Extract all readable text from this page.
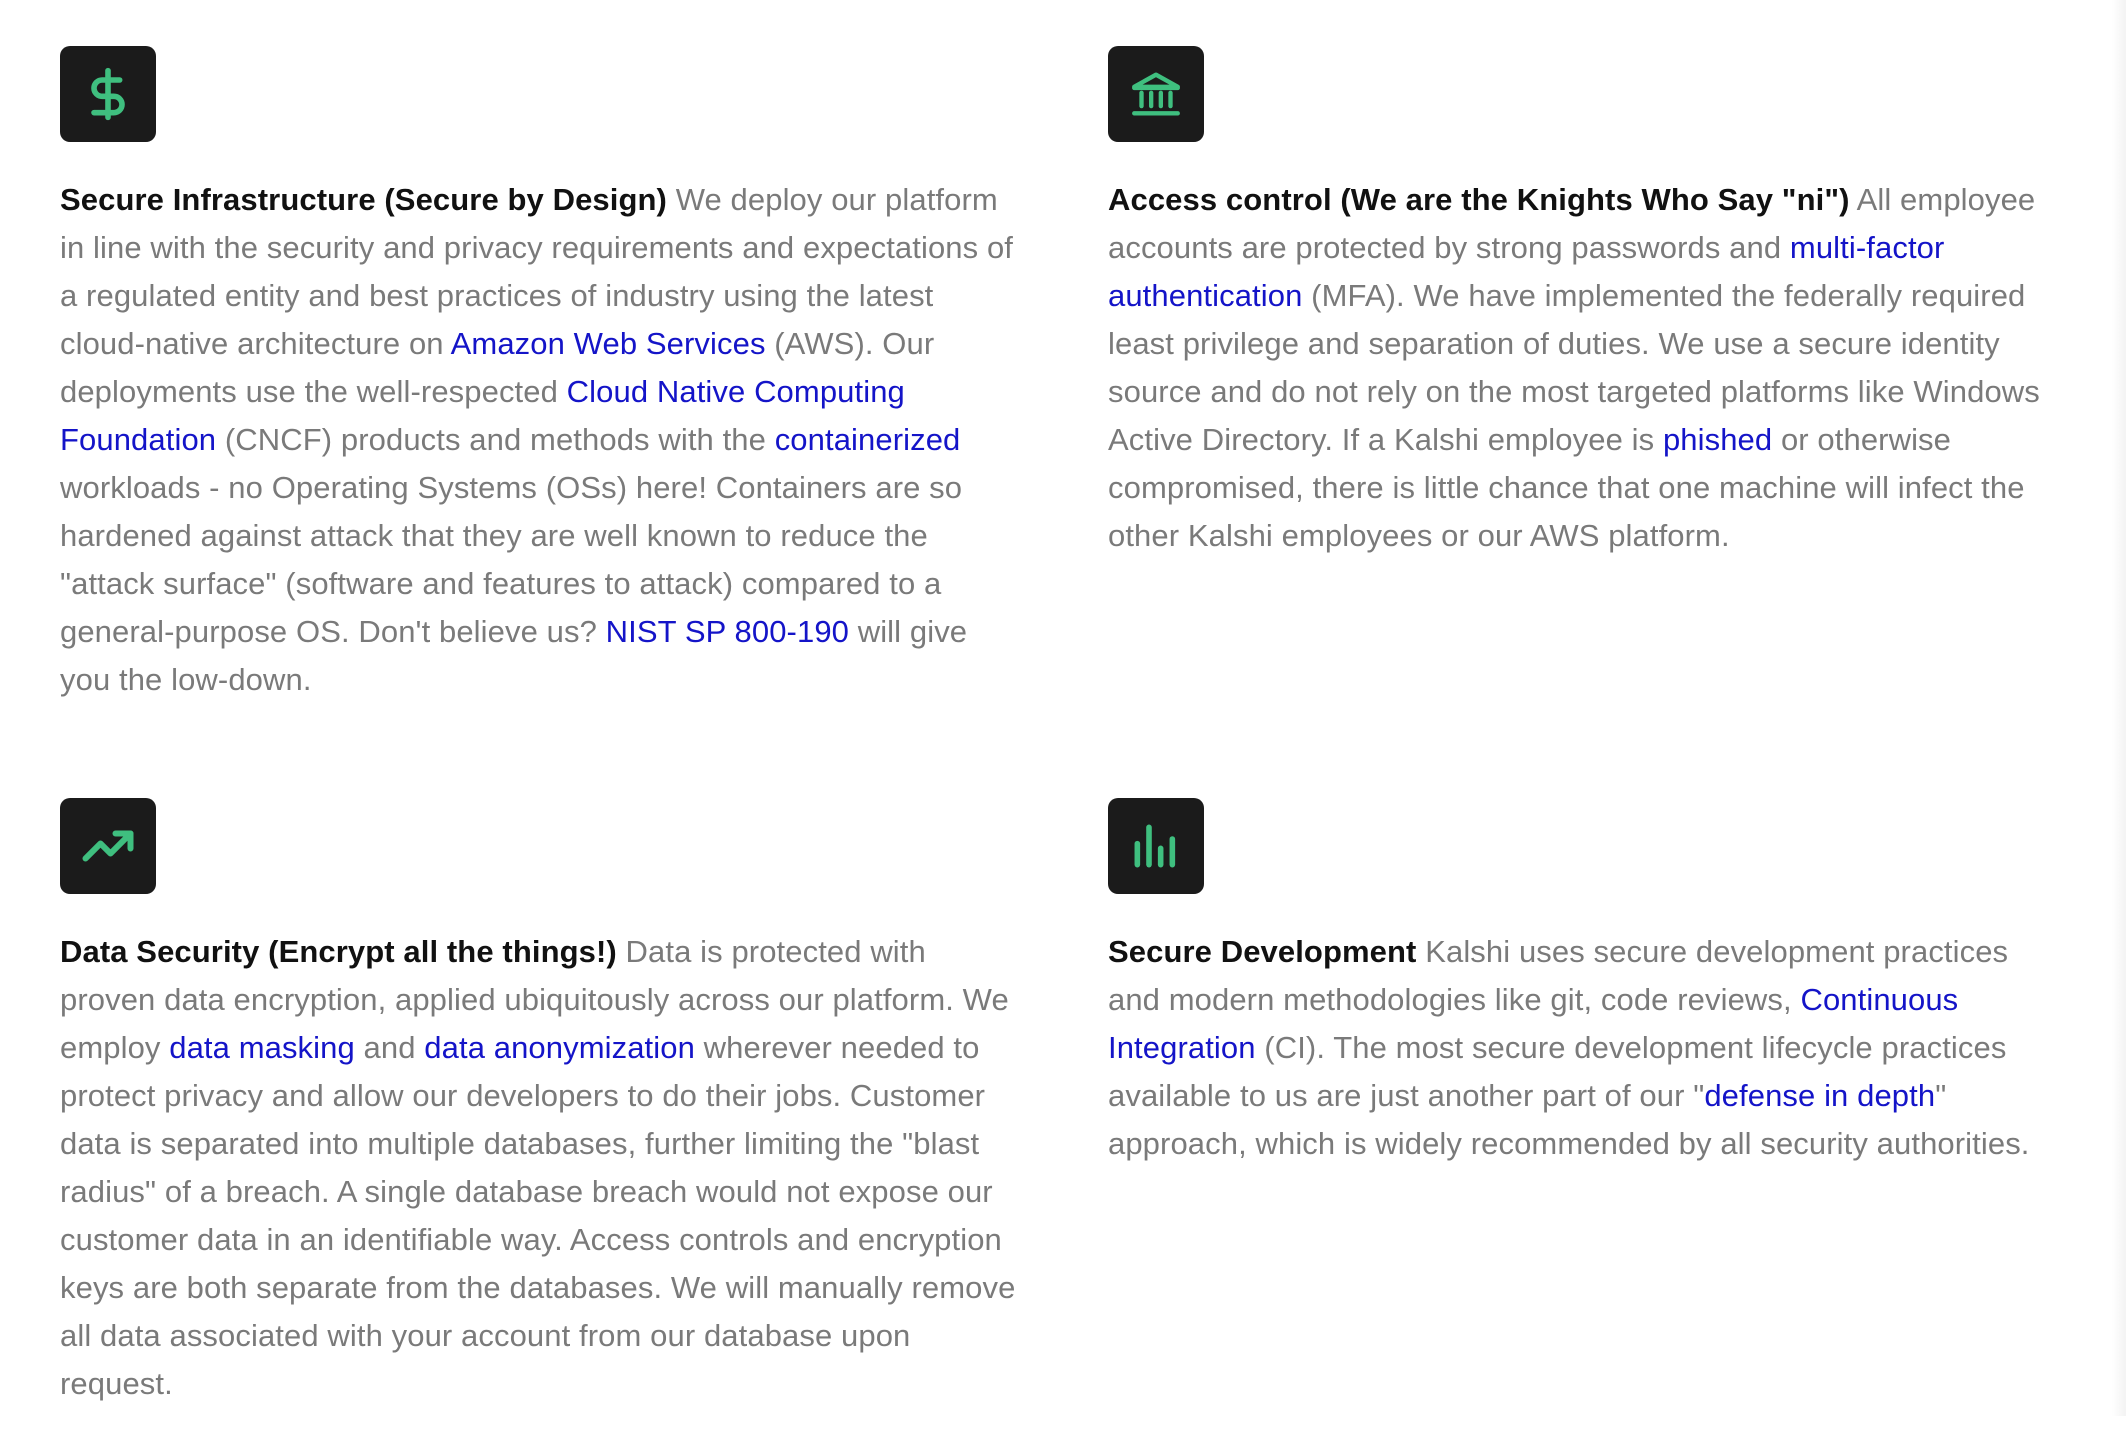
Secure Infrastructure (Secure by Design) We deploy our platform in line with the security and privacy requirements and expectations of a regulated entity and best practices of industry using the latest cloud-native architecture on Amazon Web Services (AWS). Our deployments use the well-respected Cloud Native Computing Foundation (CNCF) products and methods with the containerized workloads - no Operating Systems (OSs) here! Containers are so hardened against attack that they are well known to reduce the "attack surface" (software and features to attack) compared to a general-purpose OS. Don't believe us? NIST SP 800-190 will give you the low-down.

Access control (We are the Knights Who Say "ni") All employee accounts are protected by strong passwords and multi-factor authentication (MFA). We have implemented the federally required least privilege and separation of duties. We use a secure identity source and do not rely on the most targeted platforms like Windows Active Directory. If a Kalshi employee is phished or otherwise compromised, there is little chance that one machine will infect the other Kalshi employees or our AWS platform.

Data Security (Encrypt all the things!) Data is protected with proven data encryption, applied ubiquitously across our platform. We employ data masking and data anonymization wherever needed to protect privacy and allow our developers to do their jobs. Customer data is separated into multiple databases, further limiting the "blast radius" of a breach. A single database breach would not expose our customer data in an identifiable way. Access controls and encryption keys are both separate from the databases. We will manually remove all data associated with your account from our database upon request.

Secure Development Kalshi uses secure development practices and modern methodologies like git, code reviews, Continuous Integration (CI). The most secure development lifecycle practices available to us are just another part of our "defense in depth" approach, which is widely recommended by all security authorities.
